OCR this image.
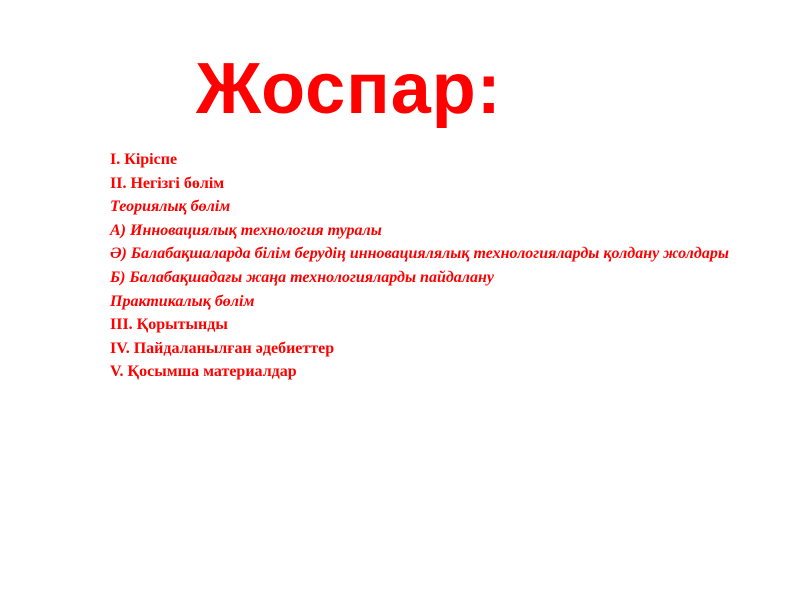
Жоспар:
I. Кіріспе
II. Негізгі бөлім
Теориялық бөлім
А) Инновациялық технология туралы
Ә) Балабақшаларда білім берудің инновациялялық технологияларды қолдану жолдары
Б) Балабақшадағы жаңа технологияларды пайдалану
Практикалық бөлім
III. Қорытынды
IV. Пайдаланылған әдебиеттер
V. Қосымша материалдар
